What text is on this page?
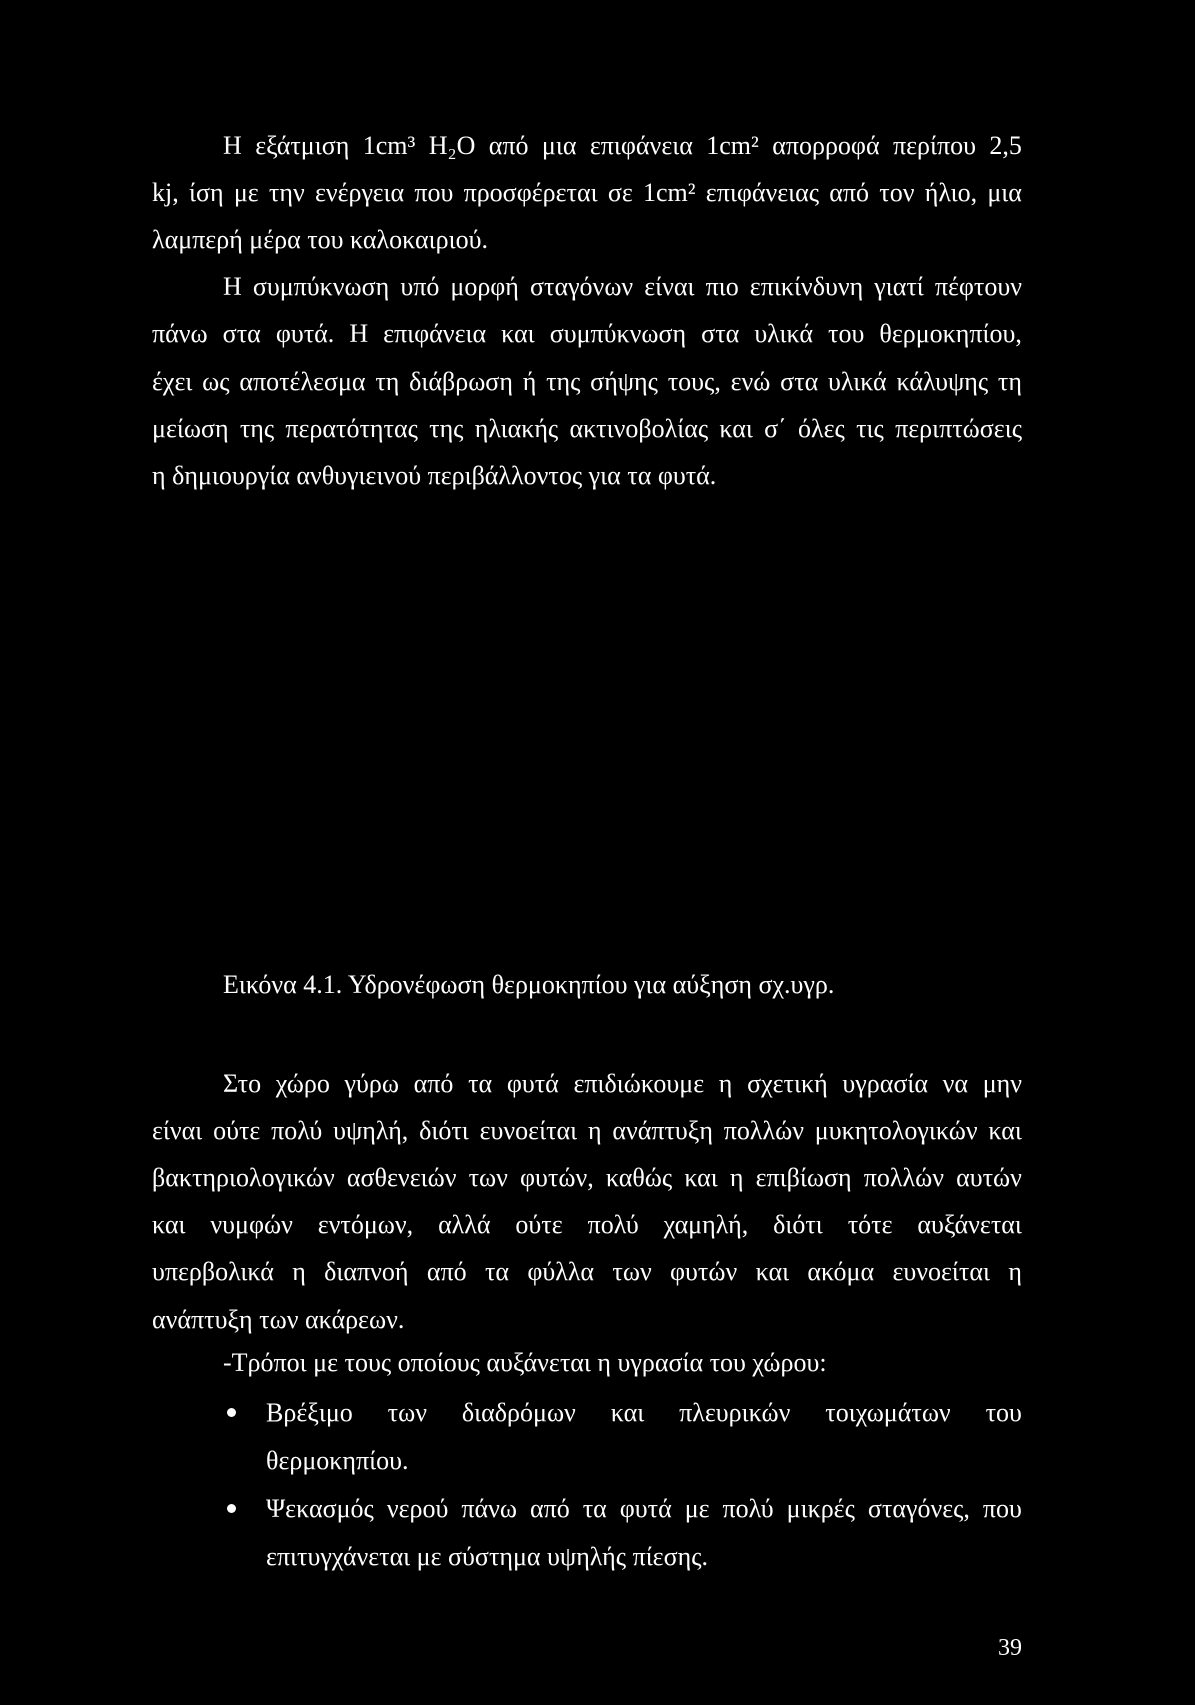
Η εξάτμιση 1cm³ H₂O από μια επιφάνεια 1cm² απορροφά περίπου 2,5
kj, ίση με την ενέργεια που προσφέρεται σε 1cm² επιφάνειας από τον ήλιο, μια
λαμπερή μέρα του καλοκαιριού.
Η συμπύκνωση υπό μορφή σταγόνων είναι πιο επικίνδυνη γιατί πέφτουν
πάνω στα φυτά. Η επιφάνεια και συμπύκνωση στα υλικά του θερμοκηπίου,
έχει ως αποτέλεσμα τη διάβρωση ή της σήψης τους, ενώ στα υλικά κάλυψης τη
μείωση της περατότητας της ηλιακής ακτινοβολίας και σ΄ όλες τις περιπτώσεις
η δημιουργία ανθυγιεινού περιβάλλοντος για τα φυτά.
Εικόνα 4.1. Υδρονέφωση θερμοκηπίου για αύξηση σχ.υγρ.
Στο χώρο γύρω από τα φυτά επιδιώκουμε η σχετική υγρασία να μην
είναι ούτε πολύ υψηλή, διότι ευνοείται η ανάπτυξη πολλών μυκητολογικών και
βακτηριολογικών ασθενειών των φυτών, καθώς και η επιβίωση πολλών αυτών
και νυμφών εντόμων, αλλά ούτε πολύ χαμηλή, διότι τότε αυξάνεται
υπερβολικά η διαπνοή από τα φύλλα των φυτών και ακόμα ευνοείται η
ανάπτυξη των ακάρεων.
-Τρόποι με τους οποίους αυξάνεται η υγρασία του χώρου:
Βρέξιμο των διαδρόμων και πλευρικών τοιχωμάτων του
θερμοκηπίου.
Ψεκασμός νερού πάνω από τα φυτά με πολύ μικρές σταγόνες, που
επιτυγχάνεται με σύστημα υψηλής πίεσης.
39
